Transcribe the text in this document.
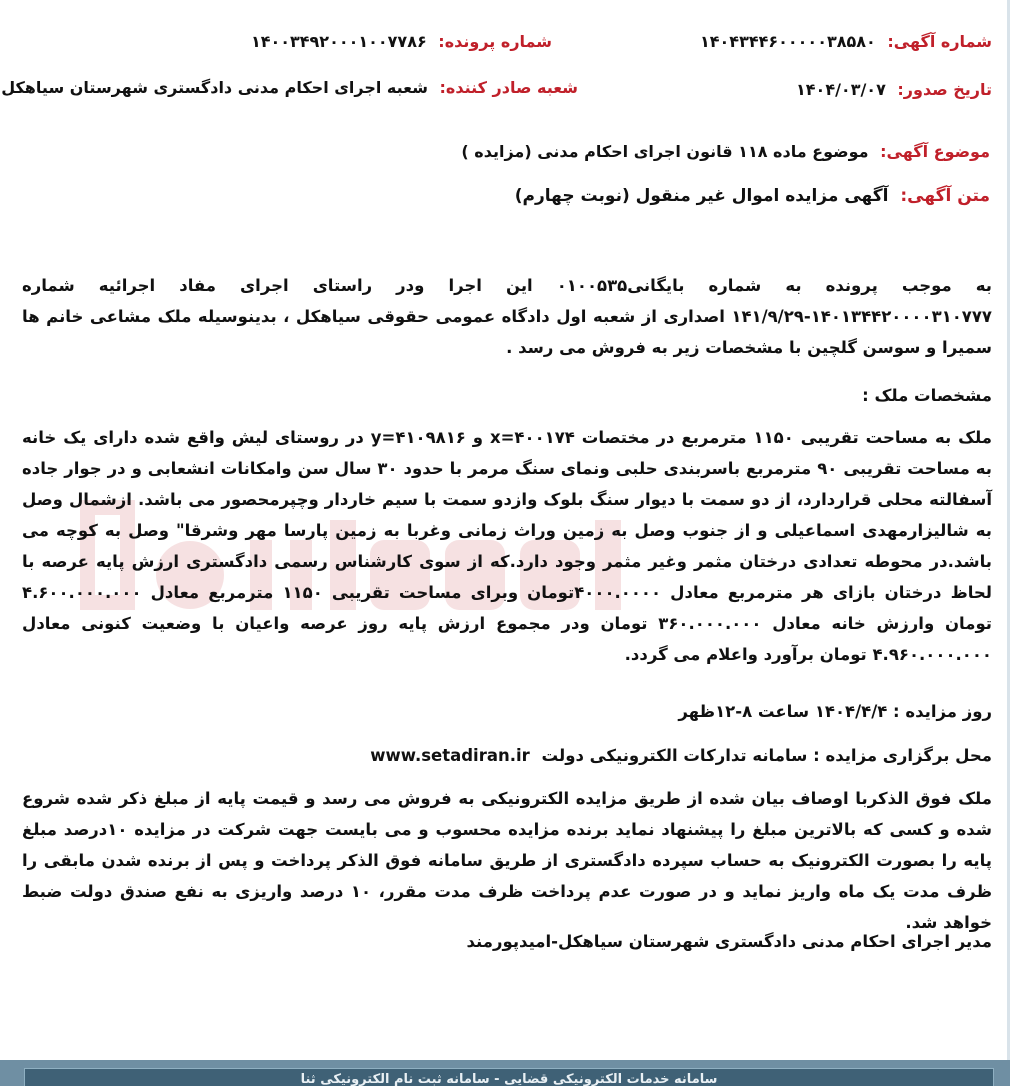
شماره آگهی: ۱۴۰۴۳۴۴۶۰۰۰۰۰۳۸۵۸۰
شماره پرونده: ۱۴۰۰۳۴۹۲۰۰۰۱۰۰۷۷۸۶
تاریخ صدور: ۱۴۰۴/۰۳/۰۷
شعبه صادر کننده: شعبه اجرای احکام مدنی دادگستری شهرستان سیاهکل
موضوع آگهی: موضوع ماده ۱۱۸ قانون اجرای احکام مدنی (مزایده )
متن آگهی: آگهی مزایده اموال غیر منقول (نوبت چهارم)
به موجب پرونده به شماره بایگانی۰۱۰۰۵۳۵ این اجرا ودر راستای اجرای مفاد اجرائیه شماره ۱۴۰۱۳۴۴۲۰۰۰۰۳۱۰۷۷۷-۱۴۱/۹/۲۹ اصداری از شعبه اول دادگاه عمومی حقوقی سیاهکل ، بدینوسیله ملک مشاعی خانم ها سمیرا و سوسن گلچین با مشخصات زیر به فروش می رسد .
مشخصات ملک :
ملک به مساحت تقریبی ۱۱۵۰ مترمربع در مختصات x=۴۰۰۱۷۴ و y=۴۱۰۹۸۱۶ در روستای لیش واقع شده دارای یک خانه به مساحت تقریبی ۹۰ مترمربع باسربندی حلبی ونمای سنگ مرمر با حدود ۳۰ سال سن وامکانات انشعابی و در جوار جاده آسفالته محلی قراردارد، از دو سمت با دیوار سنگ بلوک وازدو سمت با سیم خاردار وچپرمحصور می باشد. ازشمال وصل به شالیزارمهدی اسماعیلی و از جنوب وصل به زمین وراث زمانی وغربا به زمین پارسا مهر وشرقا" وصل به کوچه می باشد.در محوطه تعدادی درختان مثمر وغیر مثمر وجود دارد.که از سوی کارشناس رسمی دادگستری ارزش پایه عرصه با لحاظ درختان بازای هر مترمربع معادل ۴۰۰۰.۰۰۰۰تومان وبرای مساحت تقریبی ۱۱۵۰ مترمربع معادل ۴.۶۰۰.۰۰۰.۰۰۰ تومان وارزش خانه معادل ۳۶۰.۰۰۰.۰۰۰ تومان ودر مجموع ارزش پایه روز عرصه واعیان با وضعیت کنونی معادل ۴.۹۶۰.۰۰۰.۰۰۰ تومان برآورد واعلام می گردد.
روز مزایده : ۱۴۰۴/۴/۴ ساعت ۸-۱۲ظهر
محل برگزاری مزایده : سامانه تدارکات الکترونیکی دولت www.setadiran.ir
ملک فوق الذکربا اوصاف بیان شده از طریق مزایده الکترونیکی به فروش می رسد و قیمت پایه از مبلغ ذکر شده شروع شده و کسی که بالاترین مبلغ را پیشنهاد نماید برنده مزایده محسوب و می بایست جهت شرکت در مزایده ۱۰درصد مبلغ پایه را بصورت الکترونیک به حساب سپرده دادگستری از طریق سامانه فوق الذکر پرداخت و پس از برنده شدن مابقی را ظرف مدت یک ماه واریز نماید و در صورت عدم پرداخت ظرف مدت مقرر، ۱۰ درصد واریزی به نفع صندق دولت ضبط خواهد شد.
مدیر اجرای احکام مدنی دادگستری شهرستان سیاهکل-امیدپورمند
سامانه خدمات الکترونیکی قضایی - سامانه ثبت نام الکترونیکی ثنا
